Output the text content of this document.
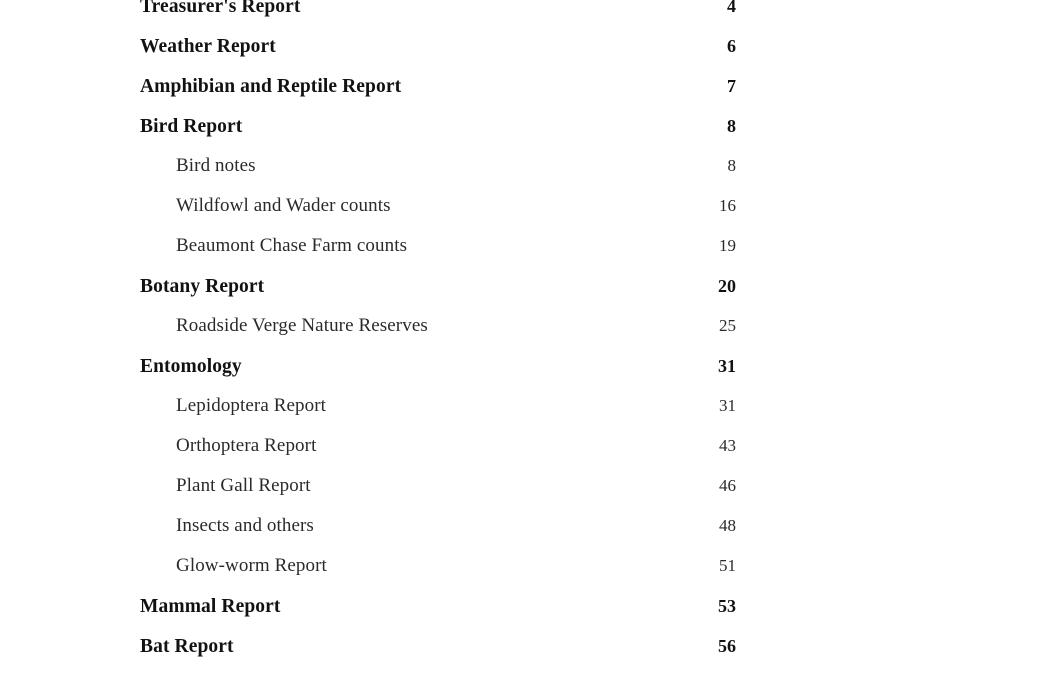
Treasurer's Report	4
Weather Report	6
Amphibian and Reptile Report	7
Bird Report	8
Bird notes	8
Wildfowl and Wader counts	16
Beaumont Chase Farm counts	19
Botany Report	20
Roadside Verge Nature Reserves	25
Entomology	31
Lepidoptera Report	31
Orthoptera Report	43
Plant Gall Report	46
Insects and others	48
Glow-worm Report	51
Mammal Report	53
Bat Report	56
